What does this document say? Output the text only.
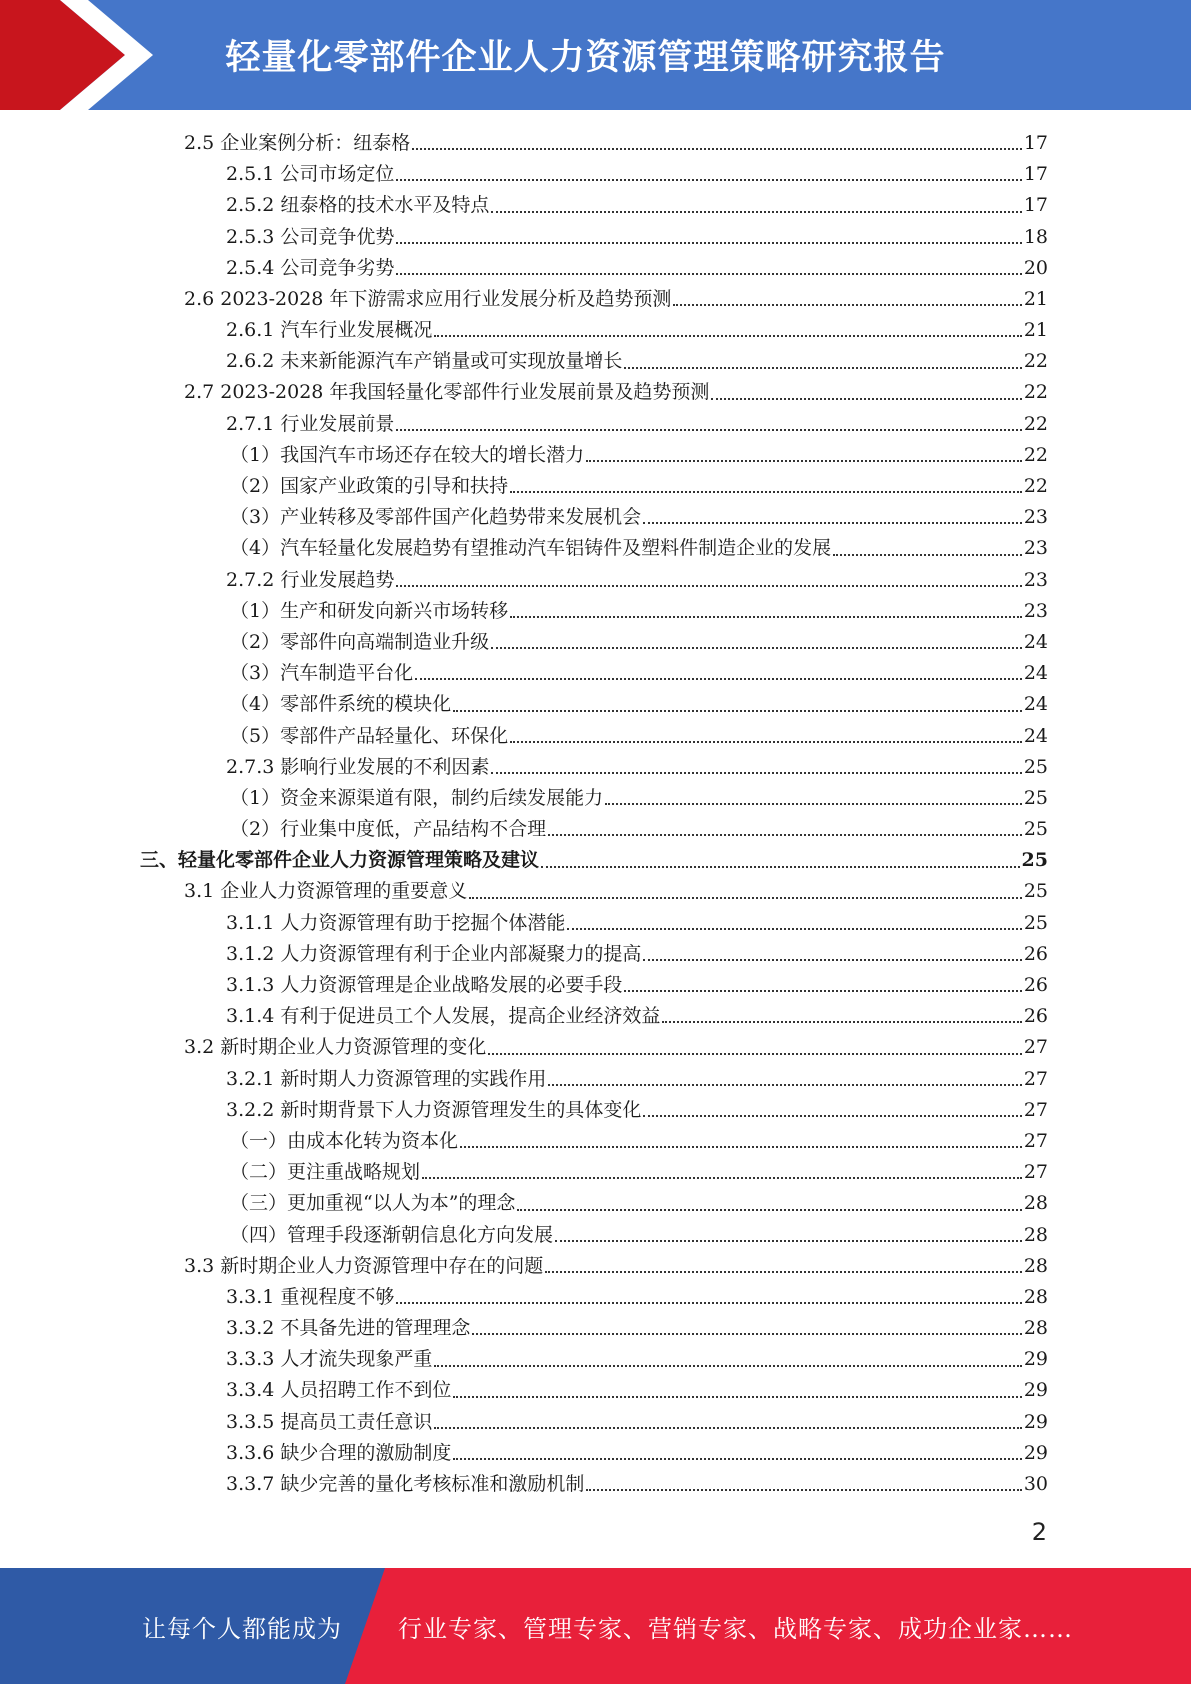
轻量化零部件企业人力资源管理策略研究报告
2.5 企业案例分析：纽泰格	17
2.5.1 公司市场定位	17
2.5.2 纽泰格的技术水平及特点	17
2.5.3 公司竞争优势	18
2.5.4 公司竞争劣势	20
2.6 2023-2028 年下游需求应用行业发展分析及趋势预测	21
2.6.1 汽车行业发展概况	21
2.6.2 未来新能源汽车产销量或可实现放量增长	22
2.7 2023-2028 年我国轻量化零部件行业发展前景及趋势预测	22
2.7.1 行业发展前景	22
（1）我国汽车市场还存在较大的增长潜力	22
（2）国家产业政策的引导和扶持	22
（3）产业转移及零部件国产化趋势带来发展机会	23
（4）汽车轻量化发展趋势有望推动汽车铝铸件及塑料件制造企业的发展	23
2.7.2 行业发展趋势	23
（1）生产和研发向新兴市场转移	23
（2）零部件向高端制造业升级	24
（3）汽车制造平台化	24
（4）零部件系统的模块化	24
（5）零部件产品轻量化、环保化	24
2.7.3 影响行业发展的不利因素	25
（1）资金来源渠道有限，制约后续发展能力	25
（2）行业集中度低，产品结构不合理	25
三、轻量化零部件企业人力资源管理策略及建议	25
3.1 企业人力资源管理的重要意义	25
3.1.1 人力资源管理有助于挖掘个体潜能	25
3.1.2 人力资源管理有利于企业内部凝聚力的提高	26
3.1.3 人力资源管理是企业战略发展的必要手段	26
3.1.4 有利于促进员工个人发展，提高企业经济效益	26
3.2 新时期企业人力资源管理的变化	27
3.2.1 新时期人力资源管理的实践作用	27
3.2.2 新时期背景下人力资源管理发生的具体变化	27
（一）由成本化转为资本化	27
（二）更注重战略规划	27
（三）更加重视“以人为本”的理念	28
（四）管理手段逐渐朝信息化方向发展	28
3.3 新时期企业人力资源管理中存在的问题	28
3.3.1 重视程度不够	28
3.3.2 不具备先进的管理理念	28
3.3.3 人才流失现象严重	29
3.3.4 人员招聘工作不到位	29
3.3.5 提高员工责任意识	29
3.3.6 缺少合理的激励制度	29
3.3.7 缺少完善的量化考核标准和激励机制	30
2
让每个人都能成为 行业专家、管理专家、营销专家、战略专家、成功企业家……
